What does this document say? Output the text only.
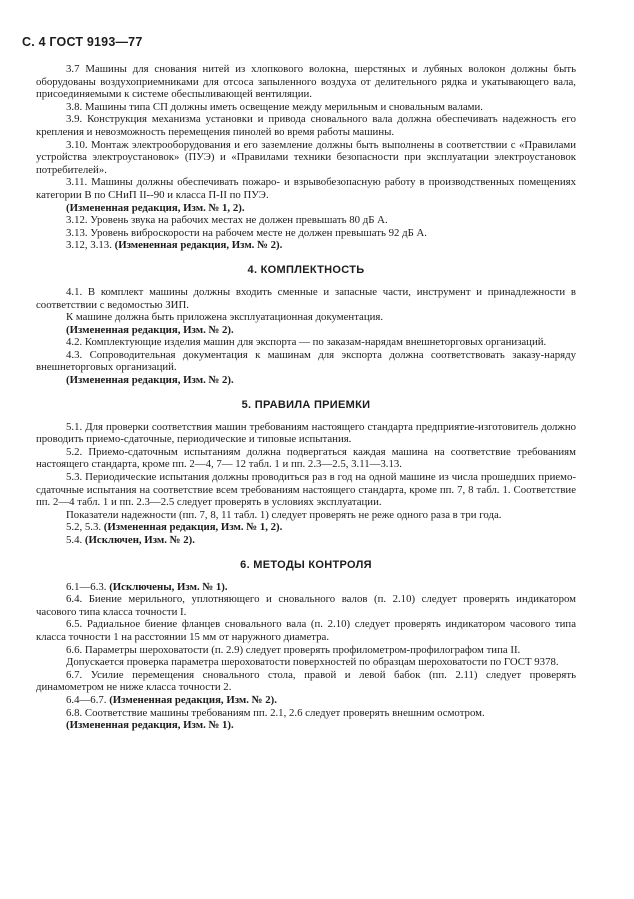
С. 4 ГОСТ 9193—77

3.7 Машины для снования нитей из хлопкового волокна, шерстяных и лубяных волокон должны быть оборудованы воздухоприемниками для отсоса запыленного воздуха от делительного рядка и укатывающего вала, присоединяемыми к системе обеспыливающей вентиляции.

3.8. Машины типа СП должны иметь освещение между мерильным и сновальным валами.

3.9. Конструкция механизма установки и привода сновального вала должна обеспечивать надежность его крепления и невозможность перемещения пинолей во время работы машины.

3.10. Монтаж электрооборудования и его заземление должны быть выполнены в соответствии с «Правилами устройства электроустановок» (ПУЭ) и «Правилами техники безопасности при эксплуатации электроустановок потребителей».

3.11. Машины должны обеспечивать пожаро- и взрывобезопасную работу в производственных помещениях категории В по СНиП II-‑90 и класса П-II по ПУЭ.

(Измененная редакция, Изм. № 1, 2).

3.12. Уровень звука на рабочих местах не должен превышать 80 дБ А.

3.13. Уровень виброскорости на рабочем месте не должен превышать 92 дБ А.

3.12, 3.13. (Измененная редакция, Изм. № 2).

4. КОМПЛЕКТНОСТЬ

4.1. В комплект машины должны входить сменные и запасные части, инструмент и принадлежности в соответствии с ведомостью ЗИП.

К машине должна быть приложена эксплуатационная документация.

(Измененная редакция, Изм. № 2).

4.2. Комплектующие изделия машин для экспорта — по заказам-нарядам внешнеторговых организаций.

4.3. Сопроводительная документация к машинам для экспорта должна соответствовать заказу-наряду внешнеторговых организаций.

(Измененная редакция, Изм. № 2).

5. ПРАВИЛА ПРИЕМКИ

5.1. Для проверки соответствия машин требованиям настоящего стандарта предприятие-изготовитель должно проводить приемо-сдаточные, периодические и типовые испытания.

5.2. Приемо-сдаточным испытаниям должна подвергаться каждая машина на соответствие требованиям настоящего стандарта, кроме пп. 2—4, 7— 12 табл. 1 и пп. 2.3—2.5, 3.11—3.13.

5.3. Периодические испытания должны проводиться раз в год на одной машине из числа прошедших приемо-сдаточные испытания на соответствие всем требованиям настоящего стандарта, кроме пп. 7, 8 табл. 1. Соответствие пп. 2—4 табл. 1 и пп. 2.3—2.5 следует проверять в условиях эксплуатации.

Показатели надежности (пп. 7, 8, 11 табл. 1) следует проверять не реже одного раза в три года.

5.2, 5.3. (Измененная редакция, Изм. № 1, 2).

5.4. (Исключен, Изм. № 2).

6. МЕТОДЫ КОНТРОЛЯ

6.1—6.3. (Исключены, Изм. № 1).

6.4. Биение мерильного, уплотняющего и сновального валов (п. 2.10) следует проверять индикатором часового типа класса точности I.

6.5. Радиальное биение фланцев сновального вала (п. 2.10) следует проверять индикатором часового типа класса точности 1 на расстоянии 15 мм от наружного диаметра.

6.6. Параметры шероховатости (п. 2.9) следует проверять профилометром-профилографом типа II.

Допускается проверка параметра шероховатости поверхностей по образцам шероховатости по ГОСТ 9378.

6.7. Усилие перемещения сновального стола, правой и левой бабок (пп. 2.11) следует проверять динамометром не ниже класса точности 2.

6.4—6.7. (Измененная редакция, Изм. № 2).

6.8. Соответствие машины требованиям пп. 2.1, 2.6 следует проверять внешним осмотром.

(Измененная редакция, Изм. № 1).
